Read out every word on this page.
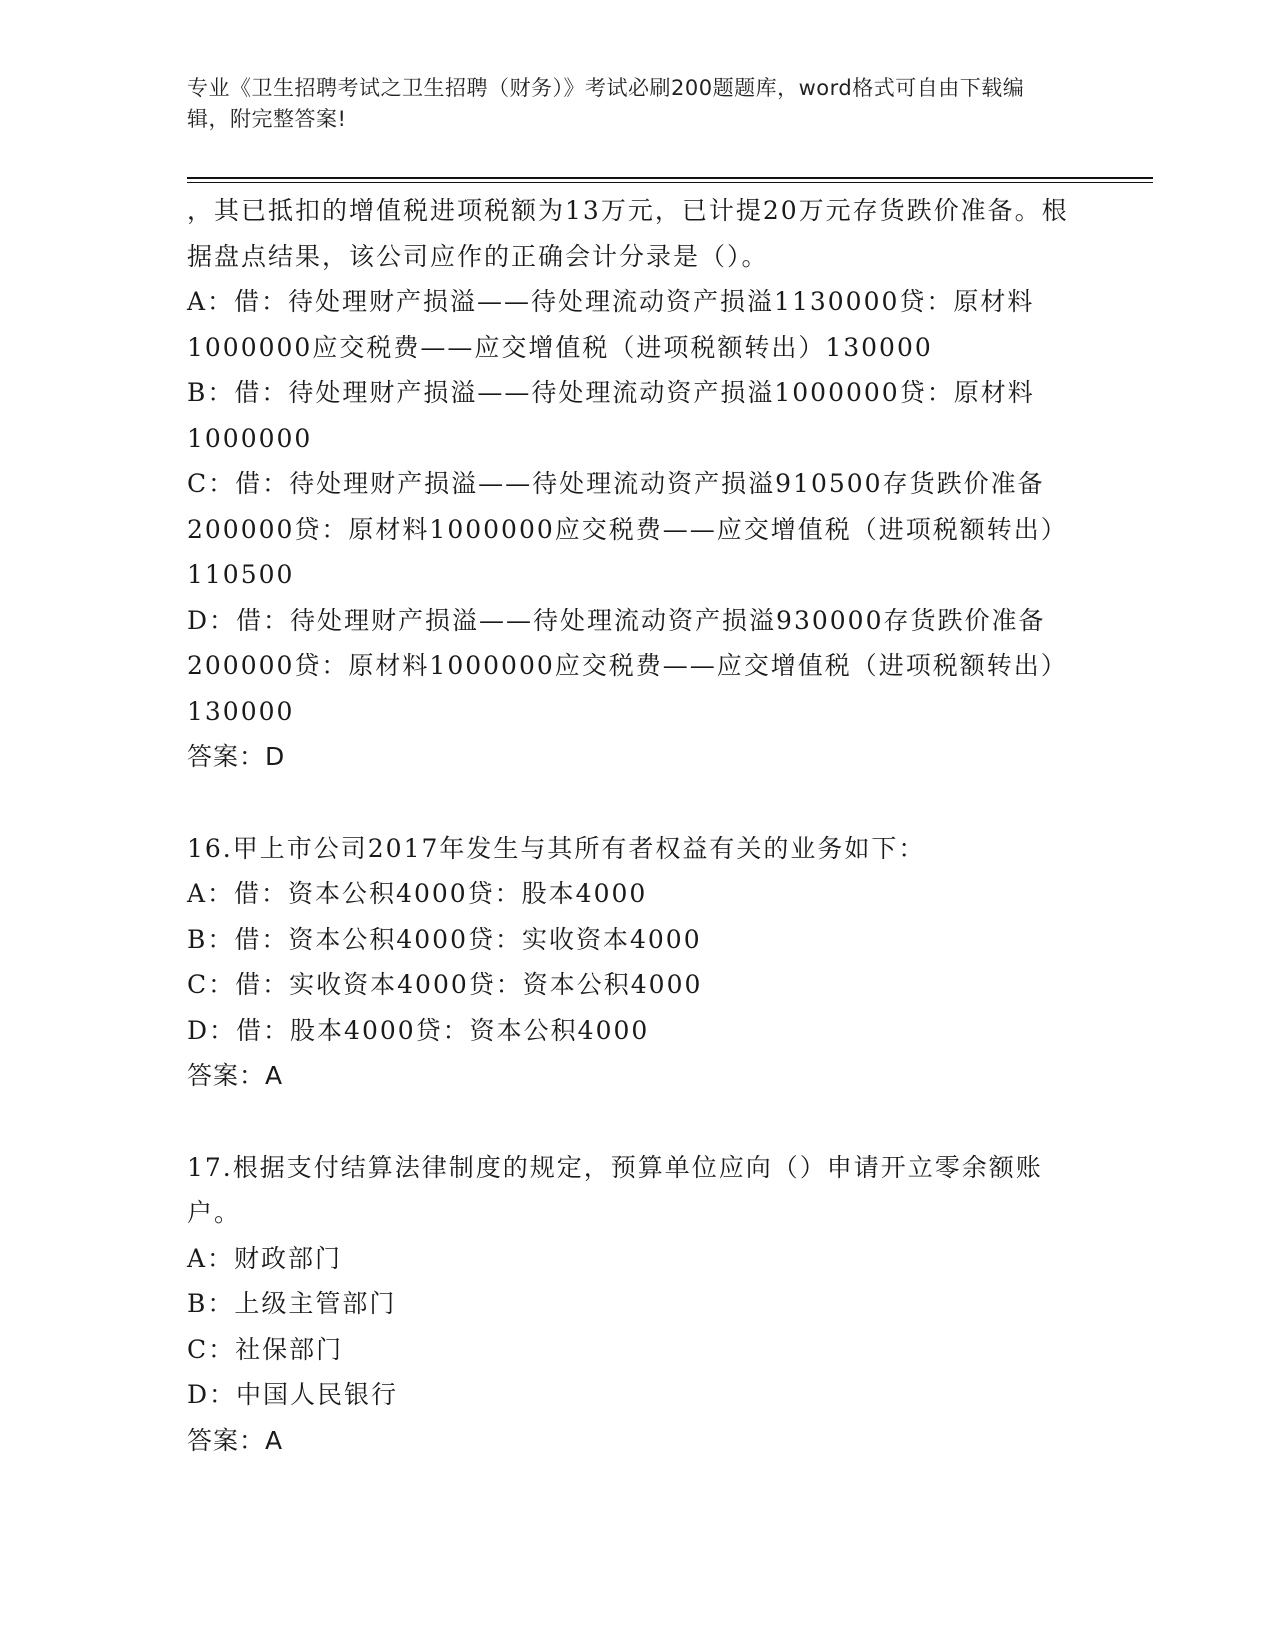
专业《卫生招聘考试之卫生招聘（财务）》考试必刷200题题库，word格式可自由下载编辑，附完整答案!

，其已抵扣的增值税进项税额为13万元，已计提20万元存货跌价准备。根据盘点结果，该公司应作的正确会计分录是（）。

A：借：待处理财产损溢——待处理流动资产损溢1130000贷：原材料1000000应交税费——应交增值税（进项税额转出）130000

B：借：待处理财产损溢——待处理流动资产损溢1000000贷：原材料1000000

C：借：待处理财产损溢——待处理流动资产损溢910500存货跌价准备200000贷：原材料1000000应交税费——应交增值税（进项税额转出）110500

D：借：待处理财产损溢——待处理流动资产损溢930000存货跌价准备200000贷：原材料1000000应交税费——应交增值税（进项税额转出）130000

答案：D

16.甲上市公司2017年发生与其所有者权益有关的业务如下：

A：借：资本公积4000贷：股本4000

B：借：资本公积4000贷：实收资本4000

C：借：实收资本4000贷：资本公积4000

D：借：股本4000贷：资本公积4000

答案：A

17.根据支付结算法律制度的规定，预算单位应向（）申请开立零余额账户。

A：财政部门

B：上级主管部门

C：社保部门

D：中国人民银行

答案：A
